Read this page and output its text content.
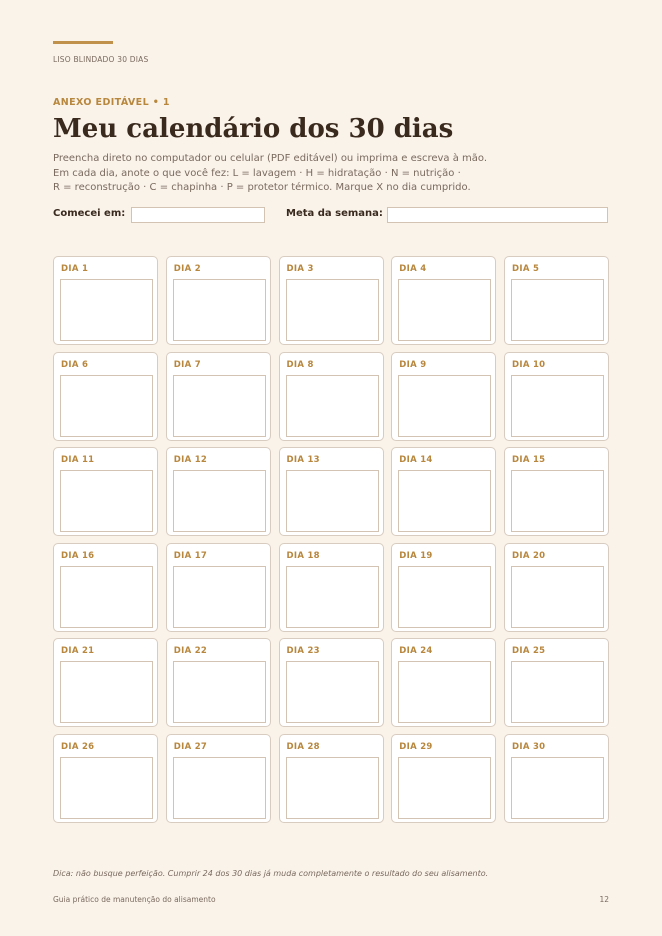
LISO BLINDADO 30 DIAS
ANEXO EDITÁVEL • 1
Meu calendário dos 30 dias
Preencha direto no computador ou celular (PDF editável) ou imprima e escreva à mão.
Em cada dia, anote o que você fez: L = lavagem · H = hidratação · N = nutrição ·
R = reconstrução · C = chapinha · P = protetor térmico. Marque X no dia cumprido.
Comecei em:	Meta da semana:
DIA 1	DIA 2	DIA 3	DIA 4	DIA 5
DIA 6	DIA 7	DIA 8	DIA 9	DIA 10
DIA 11	DIA 12	DIA 13	DIA 14	DIA 15
DIA 16	DIA 17	DIA 18	DIA 19	DIA 20
DIA 21	DIA 22	DIA 23	DIA 24	DIA 25
DIA 26	DIA 27	DIA 28	DIA 29	DIA 30
Dica: não busque perfeição. Cumprir 24 dos 30 dias já muda completamente o resultado do seu alisamento.
Guia prático de manutenção do alisamento	12
